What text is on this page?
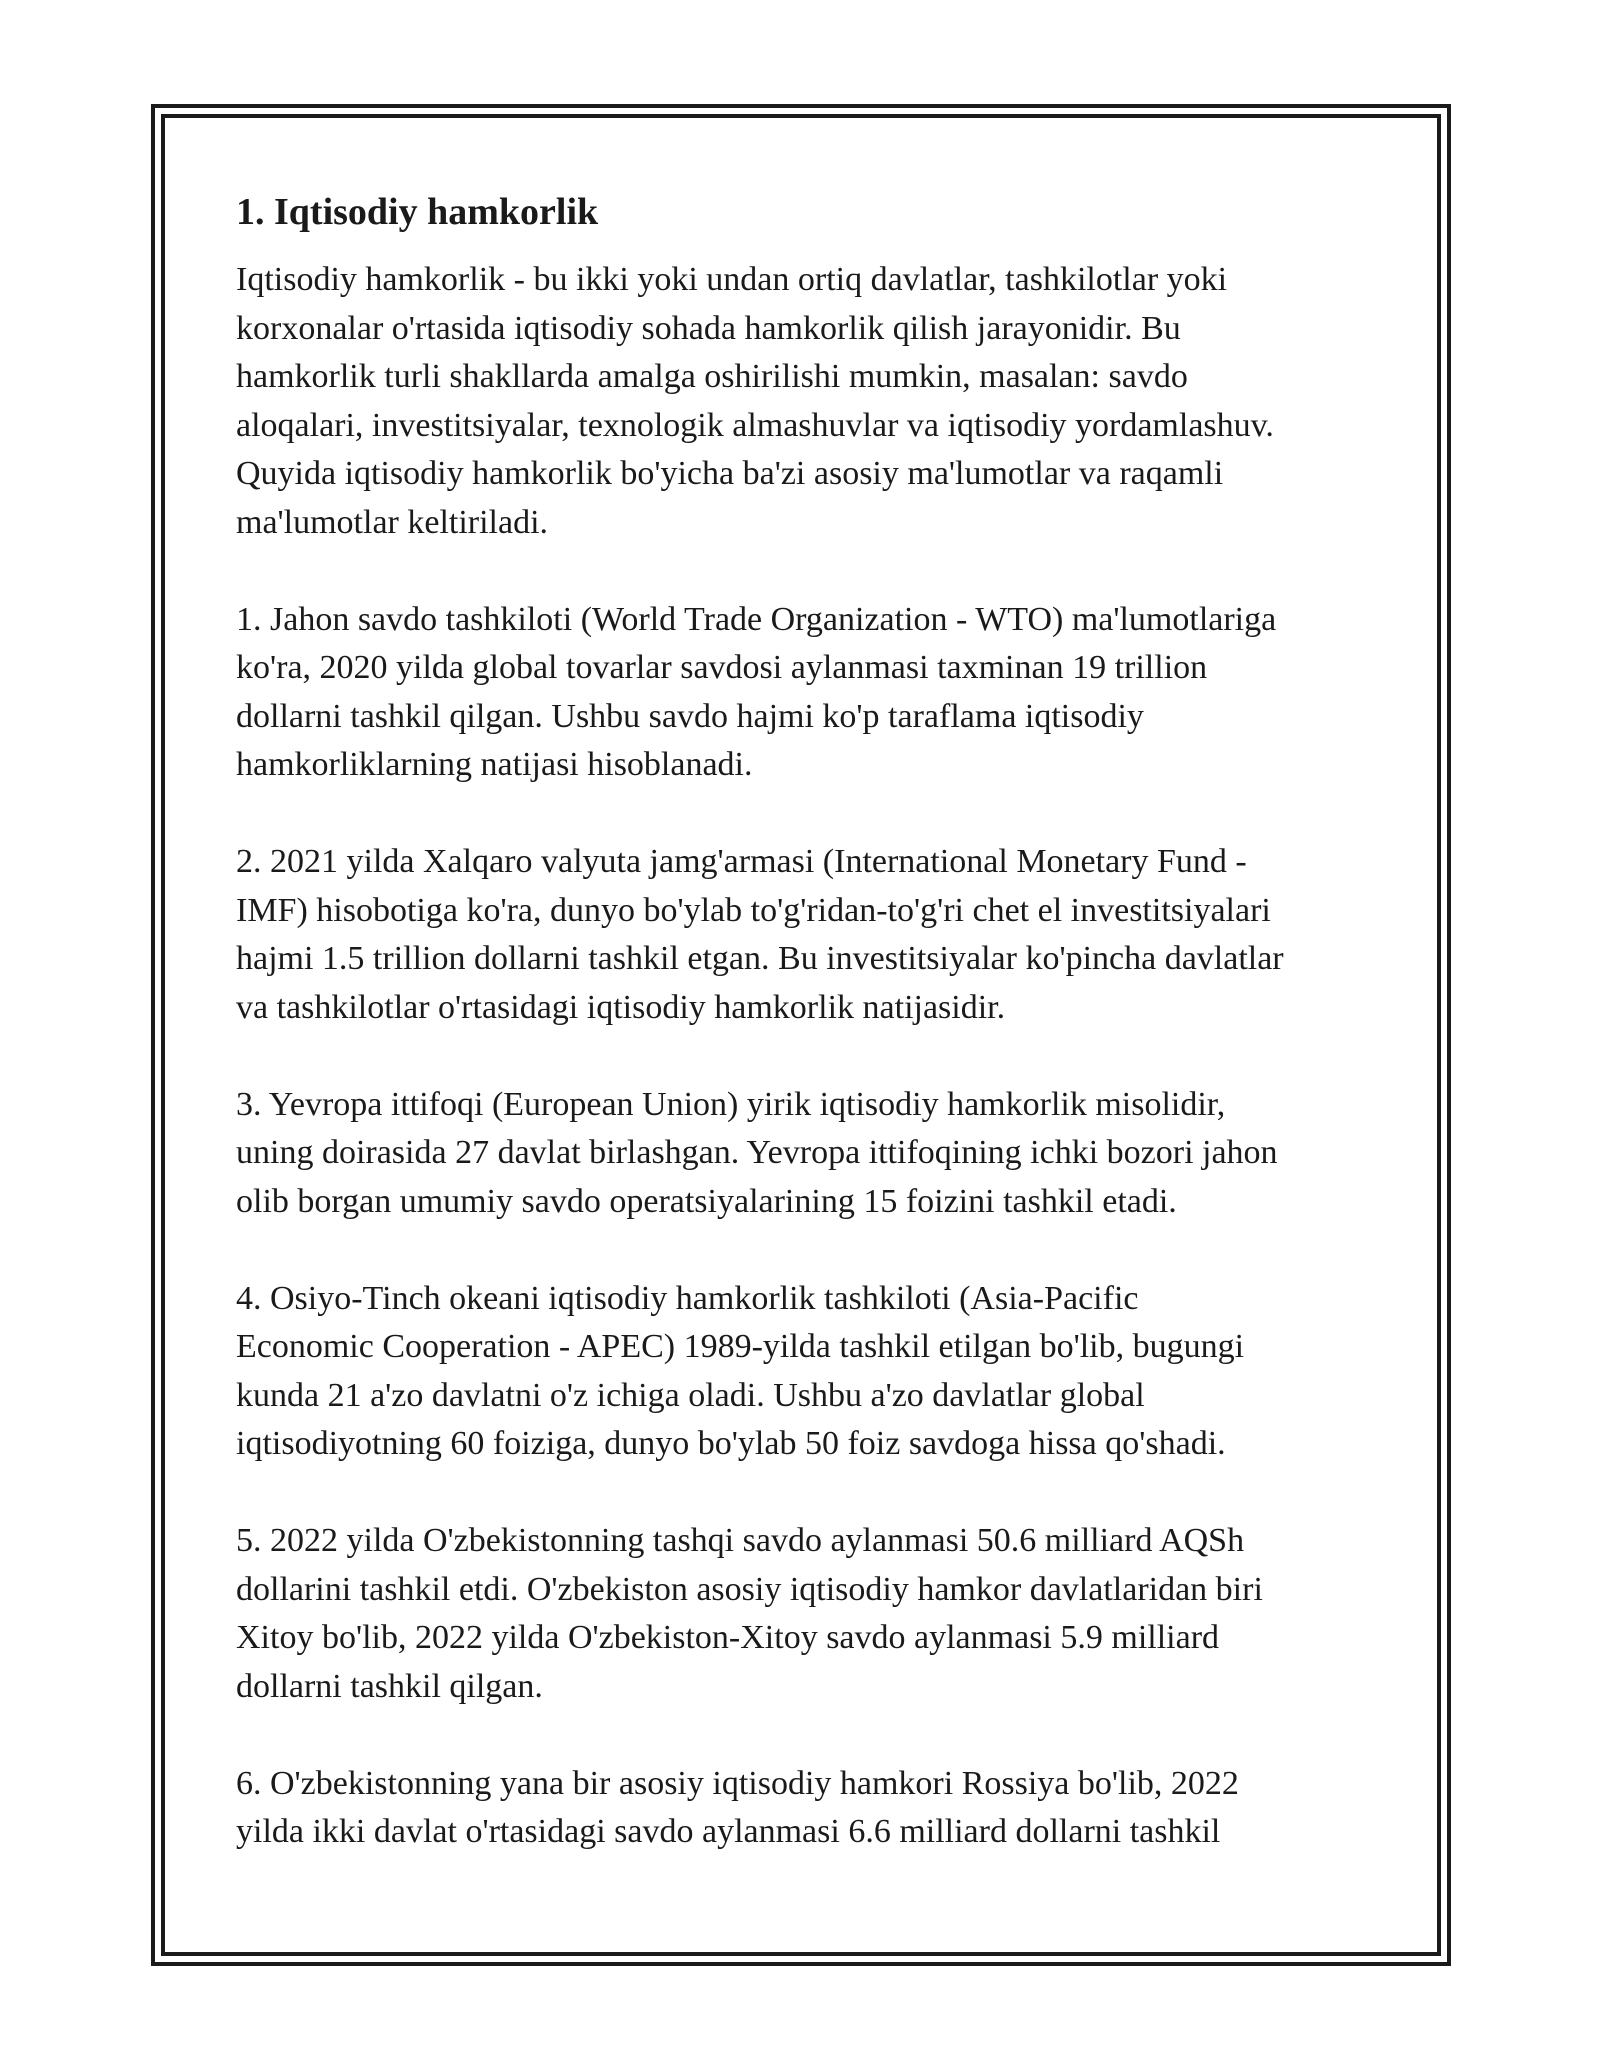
1. Iqtisodiy hamkorlik
Iqtisodiy hamkorlik - bu ikki yoki undan ortiq davlatlar, tashkilotlar yoki
korxonalar o'rtasida iqtisodiy sohada hamkorlik qilish jarayonidir. Bu
hamkorlik turli shakllarda amalga oshirilishi mumkin, masalan: savdo
aloqalari, investitsiyalar, texnologik almashuvlar va iqtisodiy yordamlashuv.
Quyida iqtisodiy hamkorlik bo'yicha ba'zi asosiy ma'lumotlar va raqamli
ma'lumotlar keltiriladi.
1. Jahon savdo tashkiloti (World Trade Organization - WTO) ma'lumotlariga
ko'ra, 2020 yilda global tovarlar savdosi aylanmasi taxminan 19 trillion
dollarni tashkil qilgan. Ushbu savdo hajmi ko'p taraflama iqtisodiy
hamkorliklarning natijasi hisoblanadi.
2. 2021 yilda Xalqaro valyuta jamg'armasi (International Monetary Fund -
IMF) hisobotiga ko'ra, dunyo bo'ylab to'g'ridan-to'g'ri chet el investitsiyalari
hajmi 1.5 trillion dollarni tashkil etgan. Bu investitsiyalar ko'pincha davlatlar
va tashkilotlar o'rtasidagi iqtisodiy hamkorlik natijasidir.
3. Yevropa ittifoqi (European Union) yirik iqtisodiy hamkorlik misolidir,
uning doirasida 27 davlat birlashgan. Yevropa ittifoqining ichki bozori jahon
olib borgan umumiy savdo operatsiyalarining 15 foizini tashkil etadi.
4. Osiyo-Tinch okeani iqtisodiy hamkorlik tashkiloti (Asia-Pacific
Economic Cooperation - APEC) 1989-yilda tashkil etilgan bo'lib, bugungi
kunda 21 a'zo davlatni o'z ichiga oladi. Ushbu a'zo davlatlar global
iqtisodiyotning 60 foiziga, dunyo bo'ylab 50 foiz savdoga hissa qo'shadi.
5. 2022 yilda O'zbekistonning tashqi savdo aylanmasi 50.6 milliard AQSh
dollarini tashkil etdi. O'zbekiston asosiy iqtisodiy hamkor davlatlaridan biri
Xitoy bo'lib, 2022 yilda O'zbekiston-Xitoy savdo aylanmasi 5.9 milliard
dollarni tashkil qilgan.
6. O'zbekistonning yana bir asosiy iqtisodiy hamkori Rossiya bo'lib, 2022
yilda ikki davlat o'rtasidagi savdo aylanmasi 6.6 milliard dollarni tashkil
